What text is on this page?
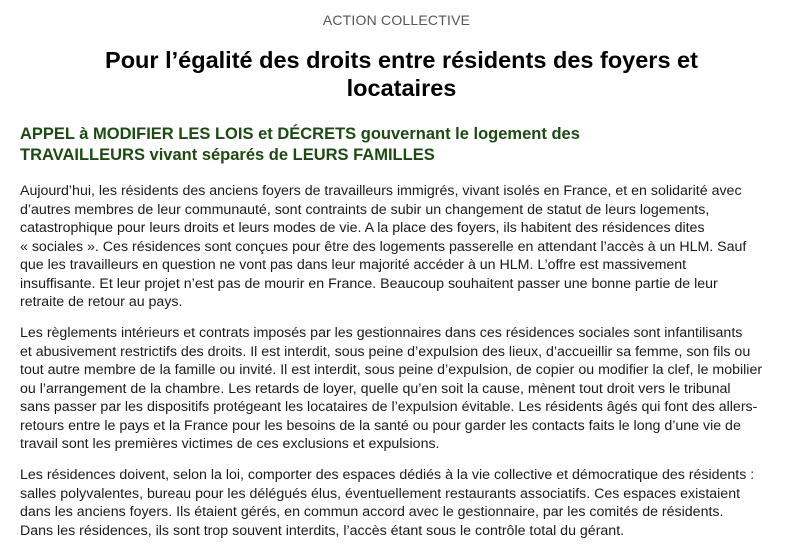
ACTION COLLECTIVE
Pour l’égalité des droits entre résidents des foyers et
locataires
APPEL à MODIFIER LES LOIS et DÉCRETS gouvernant le logement des
TRAVAILLEURS vivant séparés de LEURS FAMILLES

Aujourd’hui, les résidents des anciens foyers de travailleurs immigrés, vivant isolés en France, et en solidarité avec
d’autres membres de leur communauté, sont contraints de subir un changement de statut de leurs logements,
catastrophique pour leurs droits et leurs modes de vie. A la place des foyers, ils habitent des résidences dites
« sociales ». Ces résidences sont conçues pour être des logements passerelle en attendant l’accès à un HLM. Sauf
que les travailleurs en question ne vont pas dans leur majorité accéder à un HLM. L’offre est massivement
insuffisante. Et leur projet n’est pas de mourir en France. Beaucoup souhaitent passer une bonne partie de leur
retraite de retour au pays.

Les règlements intérieurs et contrats imposés par les gestionnaires dans ces résidences sociales sont infantilisants
et abusivement restrictifs des droits. Il est interdit, sous peine d’expulsion des lieux, d’accueillir sa femme, son fils ou
tout autre membre de la famille ou invité. Il est interdit, sous peine d’expulsion, de copier ou modifier la clef, le mobilier
ou l’arrangement de la chambre. Les retards de loyer, quelle qu’en soit la cause, mènent tout droit vers le tribunal
sans passer par les dispositifs protégeant les locataires de l’expulsion évitable. Les résidents âgés qui font des allers-
retours entre le pays et la France pour les besoins de la santé ou pour garder les contacts faits le long d’une vie de
travail sont les premières victimes de ces exclusions et expulsions.

Les résidences doivent, selon la loi, comporter des espaces dédiés à la vie collective et démocratique des résidents :
salles polyvalentes, bureau pour les délégués élus, éventuellement restaurants associatifs. Ces espaces existaient
dans les anciens foyers. Ils étaient gérés, en commun accord avec le gestionnaire, par les comités de résidents.
Dans les résidences, ils sont trop souvent interdits, l’accès étant sous le contrôle total du gérant.
